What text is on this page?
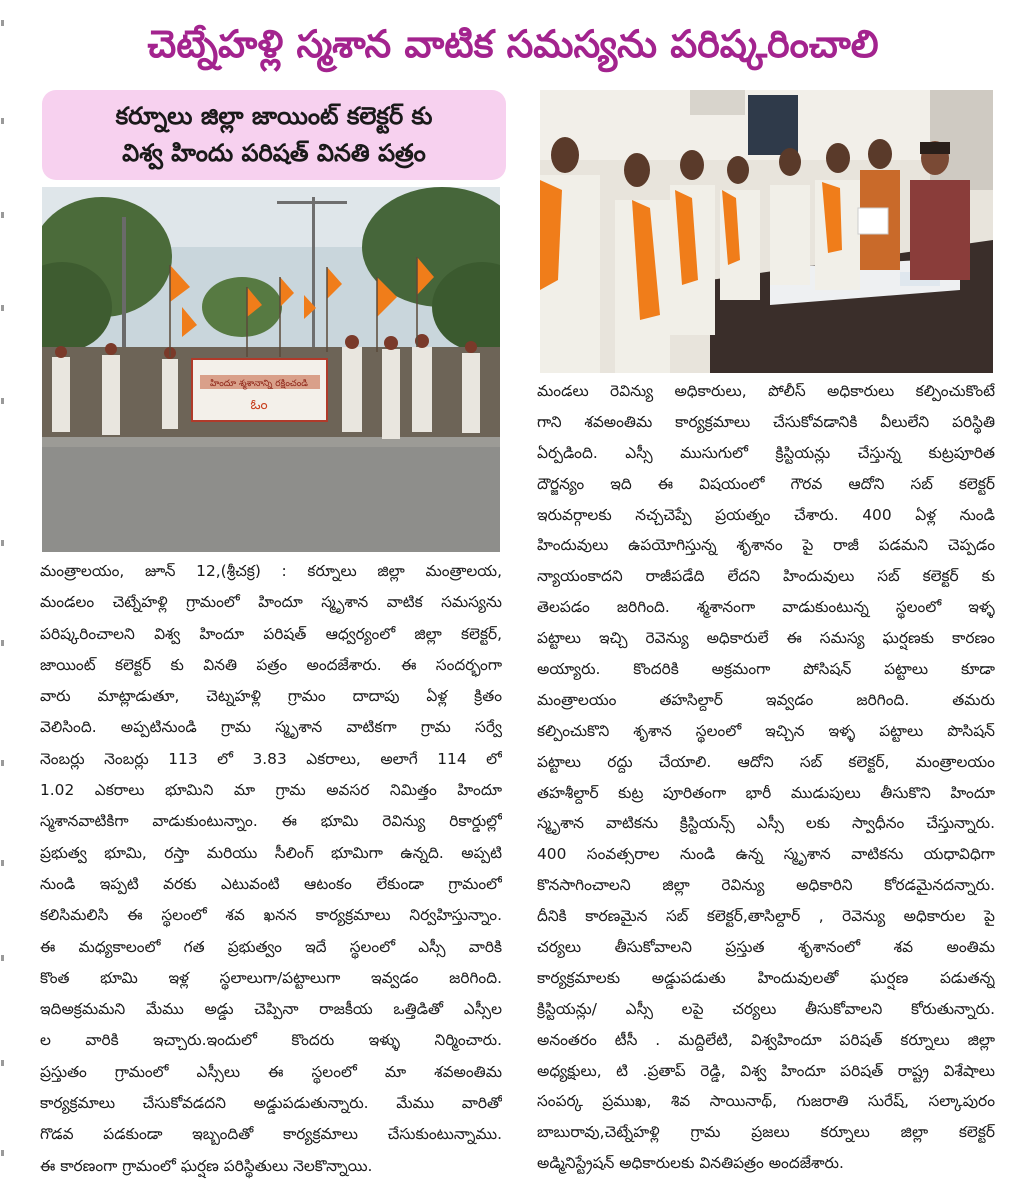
చెట్నేహళ్లి స్మశాన వాటిక సమస్యను పరిష్కరించాలి
కర్నూలు జిల్లా జాయింట్ కలెక్టర్ కు
విశ్వ హిందు పరిషత్ వినతి పత్రం
హిందూ శ్మశానాన్ని రక్షించండి
ఓం
మంత్రాలయం, జూన్ 12,(శ్రీచక్ర) : కర్నూలు జిల్లా మంత్రాలయ,
మండలం చెట్నేహళ్లి గ్రామంలో హిందూ స్మృశాన వాటిక సమస్యను
పరిష్కరించాలని విశ్వ హిందూ పరిషత్ ఆధ్వర్యంలో జిల్లా కలెక్టర్,
జాయింట్ కలెక్టర్ కు వినతి పత్రం అందజేశారు. ఈ సందర్భంగా
వారు మాట్లాడుతూ, చెట్నహళ్లి గ్రామం దాదాపు ఏళ్ల క్రితం
వెలిసింది. అప్పటినుండి గ్రామ స్మృశాన వాటికగా గ్రామ సర్వే
నెంబర్లు నెంబర్లు 113 లో 3.83 ఎకరాలు, అలాగే 114 లో
1.02 ఎకరాలు భూమిని మా గ్రామ అవసర నిమిత్తం హిందూ
స్మశానవాటికిగా వాడుకుంటున్నాం. ఈ భూమి రెవిన్యు రికార్డుల్లో
ప్రభుత్వ భూమి, రస్తా మరియు సీలింగ్ భూమిగా ఉన్నది. అప్పటి
నుండి ఇప్పటి వరకు ఎటువంటి ఆటంకం లేకుండా గ్రామంలో
కలిసిమలిసి ఈ స్థలంలో శవ ఖనన కార్యక్రమాలు నిర్వహిస్తున్నాం.
ఈ మధ్యకాలంలో గత ప్రభుత్వం ఇదే స్థలంలో ఎస్సీ వారికి
కొంత భూమి ఇళ్ల స్థలాలుగా/పట్టాలుగా ఇవ్వడం జరిగింది.
ఇదిఅక్రమమని మేము అడ్డు చెప్పినా రాజకీయ ఒత్తిడితో ఎస్సీల
ల వారికి ఇచ్చారు.ఇందులో కొందరు ఇళ్ళు నిర్మించారు.
ప్రస్తుతం గ్రామంలో ఎస్సీలు ఈ స్థలంలో మా శవఅంతిమ
కార్యక్రమాలు చేసుకోవడదని అడ్డుపడుతున్నారు. మేము వారితో
గొడవ పడకుండా ఇబ్బందితో కార్యక్రమాలు చేసుకుంటున్నాము.
ఈ కారణంగా గ్రామంలో ఘర్షణ పరిస్థితులు నెలకొన్నాయి.
మండలు రెవిన్యు అధికారులు, పోలీస్ అధికారులు కల్పించుకొంటే
గాని శవఅంతిమ కార్యక్రమాలు చేసుకోవడానికి వీలులేని పరిస్థితి
ఏర్పడింది. ఎస్సీ ముసుగులో క్రిస్టియన్లు చేస్తున్న కుట్రపూరిత
దౌర్జన్యం ఇది ఈ విషయంలో గౌరవ ఆదోని సబ్ కలెక్టర్
ఇరువర్గాలకు నచ్చచెప్పే ప్రయత్నం చేశారు. 400 ఏళ్ల నుండి
హిందువులు ఉపయోగిస్తున్న శృశానం పై రాజీ పడమని చెప్పడం
న్యాయంకాదని రాజీపడేది లేదని హిందువులు సబ్ కలెక్టర్ కు
తెలపడం జరిగింది. శ్మశానంగా వాడుకుంటున్న స్థలంలో ఇళ్ళ
పట్టాలు ఇచ్చి రెవెన్యు అధికారులే ఈ సమస్య ఘర్షణకు కారణం
అయ్యారు. కొందరికి అక్రమంగా పోసిషన్ పట్టాలు కూడా
మంత్రాలయం తహసిల్దార్ ఇవ్వడం జరిగింది. తమరు
కల్పించుకొని శృశాన స్థలంలో ఇచ్చిన ఇళ్ళ పట్టాలు పొసిషన్
పట్టాలు రద్దు చేయాలి. ఆదోని సబ్ కలెక్టర్, మంత్రాలయం
తహశీల్దార్ కుట్ర పూరితంగా భారీ ముడుపులు తీసుకొని హిందూ
స్మృశాన వాటికను క్రిస్టియన్స్ ఎస్సీ లకు స్వాధీనం చేస్తున్నారు.
400 సంవత్సరాల నుండి ఉన్న స్మృశాన వాటికను యధావిధిగా
కొనసాగించాలని జిల్లా రెవిన్యు అధికారిని కోరడమైనదన్నారు.
దీనికి కారణమైన సబ్ కలెక్టర్,తాసిల్దార్ , రెవెన్యు అధికారుల పై
చర్యలు తీసుకోవాలని ప్రస్తుత శృశానంలో శవ అంతిమ
కార్యక్రమాలకు అడ్డుపడుతు హిందువులతో ఘర్షణ పడుతన్న
క్రిస్టియన్లు/ ఎస్సీ లపై చర్యలు తీసుకోవాలని కోరుతున్నారు.
అనంతరం టీసీ . మద్దిలేటి, విశ్వహిందూ పరిషత్ కర్నూలు జిల్లా
అధ్యక్షులు, టి .ప్రతాప్ రెడ్డి, విశ్వ హిందూ పరిషత్ రాష్ట్ర విశేషాలు
సంపర్క ప్రముఖ, శివ సాయినాథ్, గుజరాతి సురేష్, సల్కాపురం
బాబురావు,చెట్నేహళ్లి గ్రామ ప్రజలు కర్నూలు జిల్లా కలెక్టర్
అడ్మినిస్ట్రేషన్ అధికారులకు వినతిపత్రం అందజేశారు.
